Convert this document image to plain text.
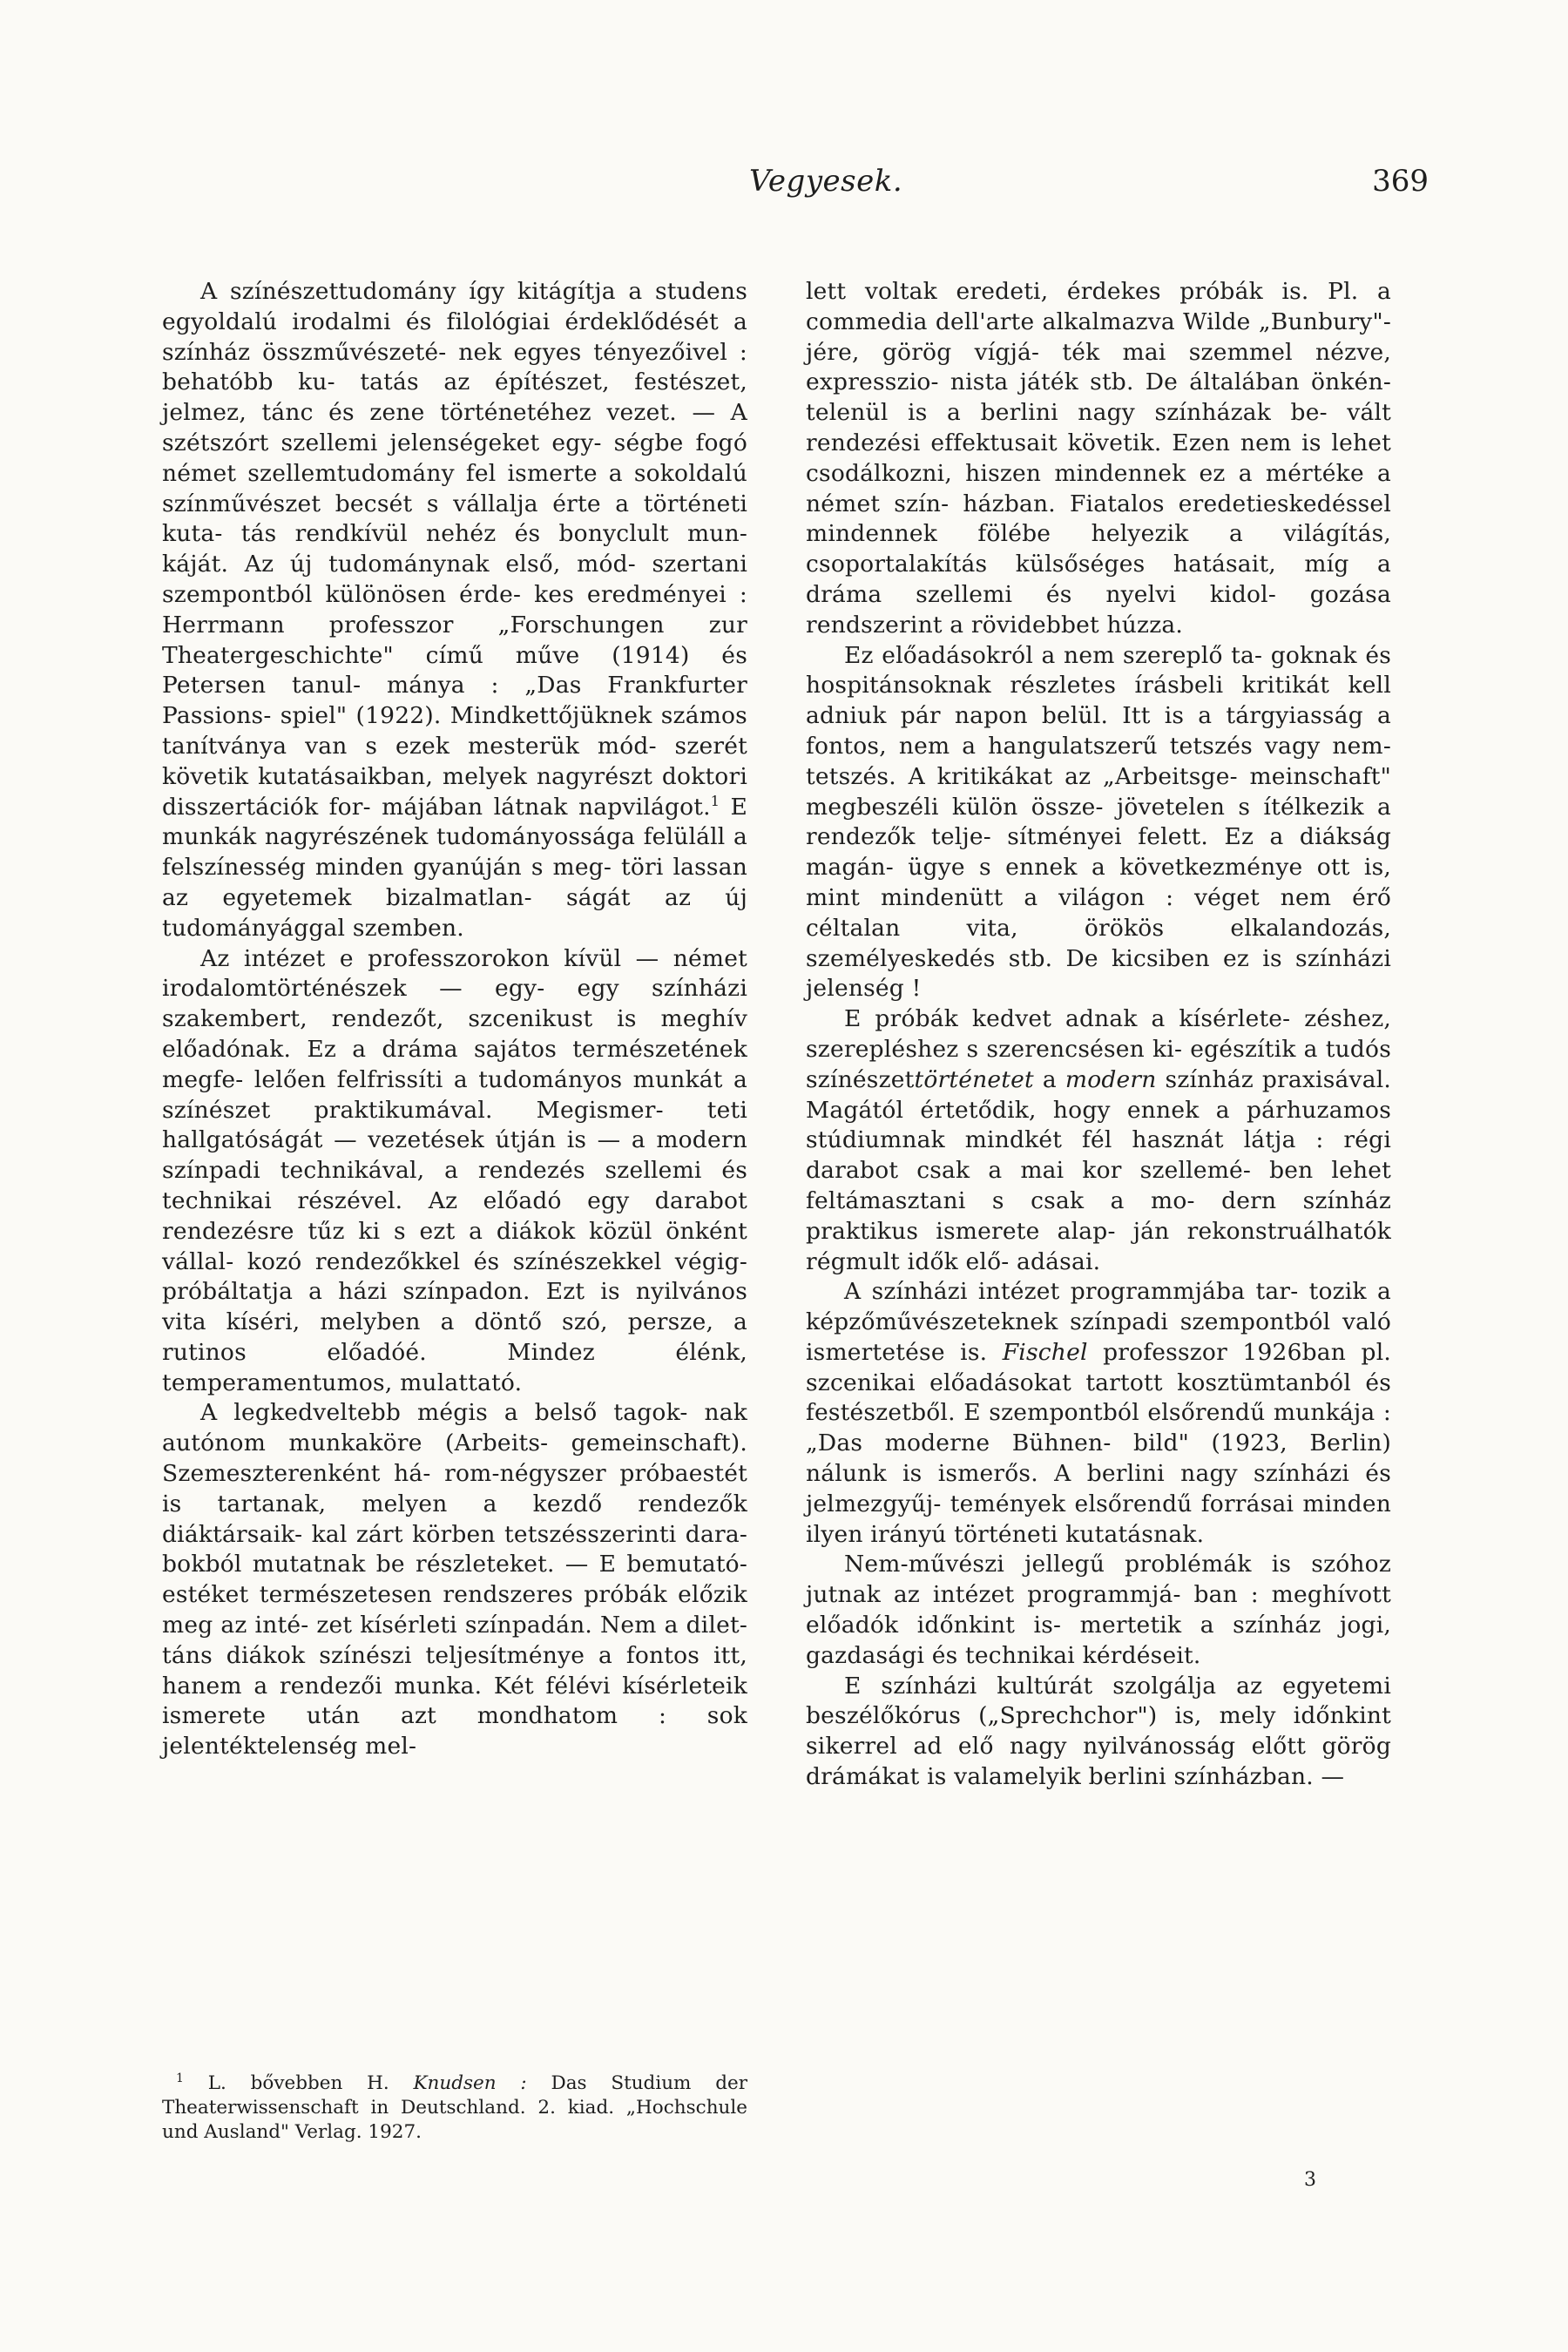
Vegyesek.	369

A színészettudomány így kitágítja a studens egyoldalú irodalmi és filológiai érdeklődését a színház összművészeté- nek egyes tényezőivel : behatóbb ku- tatás az építészet, festészet, jelmez, tánc és zene történetéhez vezet. — A szétszórt szellemi jelenségeket egy- ségbe fogó német szellemtudomány fel ismerte a sokoldalú színművészet becsét s vállalja érte a történeti kuta- tás rendkívül nehéz és bonyclult mun- káját. Az új tudománynak első, mód- szertani szempontból különösen érde- kes eredményei : Herrmann professzor „Forschungen zur Theatergeschichte" című műve (1914) és Petersen tanul- mánya : „Das Frankfurter Passions- spiel" (1922). Mindkettőjüknek számos tanítványa van s ezek mesterük mód- szerét követik kutatásaikban, melyek nagyrészt doktori disszertációk for- májában látnak napvilágot.$^1$ E munkák nagyrészének tudományossága felüláll a felszínesség minden gyanúján s meg- töri lassan az egyetemek bizalmatlan- ságát az új tudományággal szemben.

Az intézet e professzorokon kívül — német irodalomtörténészek — egy- egy színházi szakembert, rendezőt, szcenikust is meghív előadónak. Ez a dráma sajátos természetének megfe- lelően felfrissíti a tudományos munkát a színészet praktikumával. Megismer- teti hallgatóságát — vezetések útján is — a modern színpadi technikával, a rendezés szellemi és technikai részével. Az előadó egy darabot rendezésre tűz ki s ezt a diákok közül önként vállal- kozó rendezőkkel és színészekkel végig- próbáltatja a házi színpadon. Ezt is nyilvános vita kíséri, melyben a döntő szó, persze, a rutinos előadóé. Mindez élénk, temperamentumos, mulattató.

A legkedveltebb mégis a belső tagok- nak autónom munkaköre (Arbeits- gemeinschaft). Szemeszterenként há- rom-négyszer próbaestét is tartanak, melyen a kezdő rendezők diáktársaik- kal zárt körben tetszésszerinti dara- bokból mutatnak be részleteket. — E bemutató-estéket természetesen rendszeres próbák előzik meg az inté- zet kísérleti színpadán. Nem a dilet- táns diákok színészi teljesítménye a fontos itt, hanem a rendezői munka. Két félévi kísérleteik ismerete után azt mondhatom : sok jelentéktelenség mel-

lett voltak eredeti, érdekes próbák is. Pl. a commedia dell'arte alkalmazva Wilde „Bunbury"-jére, görög vígjá- ték mai szemmel nézve, expresszio- nista játék stb. De általában önkén- telenül is a berlini nagy színházak be- vált rendezési effektusait követik. Ezen nem is lehet csodálkozni, hiszen mindennek ez a mértéke a német szín- házban. Fiatalos eredetieskedéssel mindennek fölébe helyezik a világítás, csoportalakítás külsőséges hatásait, míg a dráma szellemi és nyelvi kidol- gozása rendszerint a rövidebbet húzza.

Ez előadásokról a nem szereplő ta- goknak és hospitánsoknak részletes írásbeli kritikát kell adniuk pár napon belül. Itt is a tárgyiasság a fontos, nem a hangulatszerű tetszés vagy nem- tetszés. A kritikákat az „Arbeitsge- meinschaft" megbeszéli külön össze- jövetelen s ítélkezik a rendezők telje- sítményei felett. Ez a diákság magán- ügye s ennek a következménye ott is, mint mindenütt a világon : véget nem érő céltalan vita, örökös elkalandozás, személyeskedés stb. De kicsiben ez is színházi jelenség !

E próbák kedvet adnak a kísérlete- zéshez, szerepléshez s szerencsésen ki- egészítik a tudós színészettörténetet a modern színház praxisával. Magától értetődik, hogy ennek a párhuzamos stúdiumnak mindkét fél hasznát látja : régi darabot csak a mai kor szellemé- ben lehet feltámasztani s csak a mo- dern színház praktikus ismerete alap- ján rekonstruálhatók régmult idők elő- adásai.

A színházi intézet programmjába tar- tozik a képzőművészeteknek színpadi szempontból való ismertetése is. Fischel professzor 1926ban pl. szcenikai előadásokat tartott kosztümtanból és festészetből. E szempontból elsőrendű munkája : „Das moderne Bühnen- bild" (1923, Berlin) nálunk is ismerős. A berlini nagy színházi és jelmezgyűj- temények elsőrendű forrásai minden ilyen irányú történeti kutatásnak.

Nem-művészi jellegű problémák is szóhoz jutnak az intézet programmjá- ban : meghívott előadók időnkint is- mertetik a színház jogi, gazdasági és technikai kérdéseit.

E színházi kultúrát szolgálja az egyetemi beszélőkórus („Sprechchor") is, mely időnkint sikerrel ad elő nagy nyilvánosság előtt görög drámákat is valamelyik berlini színházban. —

$^1$ L. bővebben H. Knudsen : Das Studium der Theaterwissenschaft in Deutschland. 2. kiad. „Hochschule und Ausland" Verlag. 1927.

3
